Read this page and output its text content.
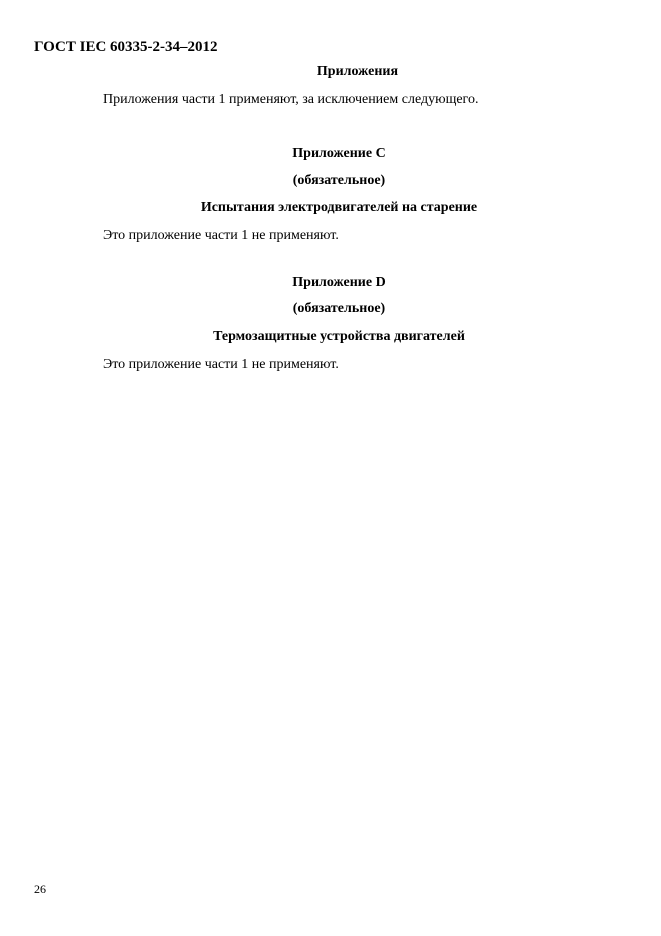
ГОСТ IEC 60335-2-34–2012
Приложения
Приложения части 1 применяют, за исключением следующего.
Приложение С
(обязательное)
Испытания электродвигателей на старение
Это приложение части 1 не применяют.
Приложение D
(обязательное)
Термозащитные устройства двигателей
Это приложение части 1 не применяют.
26
